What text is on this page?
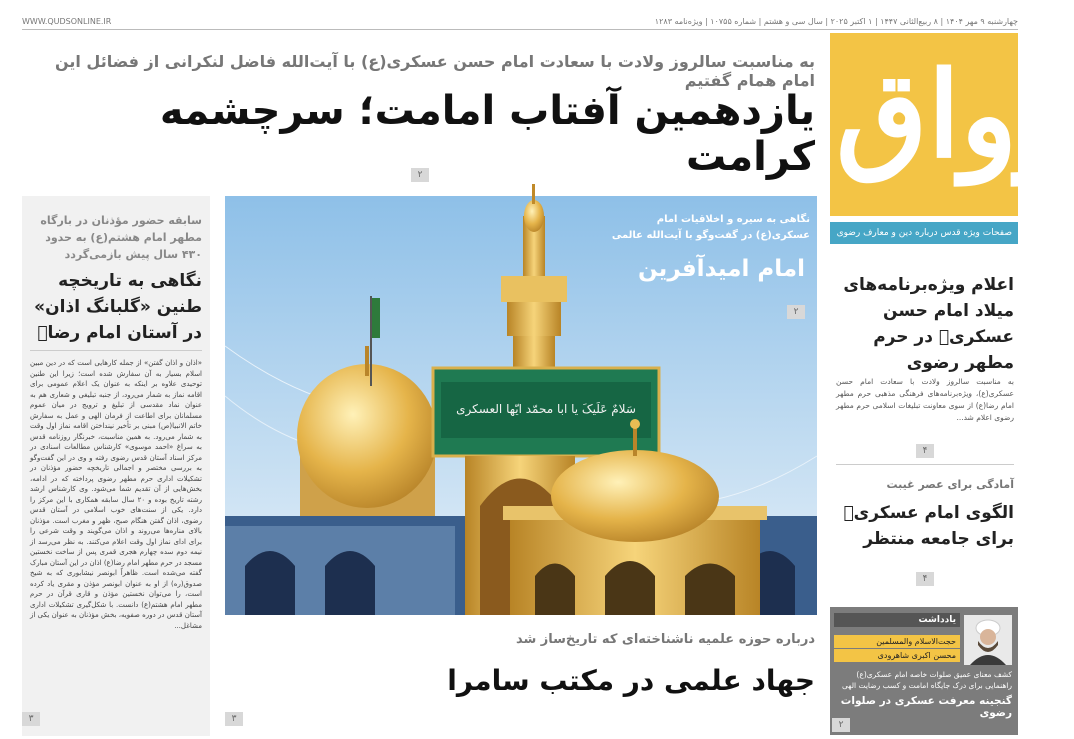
WWW.QUDSONLINE.IR	چهارشنبه ۹ مهر ۱۴۰۴ | ۸ ربیع‌الثانی ۱۴۴۷ | ۱ اکتبر ۲۰۲۵ | سال سی و هشتم | شماره ۱۰۷۵۵ | ویژه‌نامه ۱۲۸۳
به مناسبت سالروز ولادت با سعادت امام حسن عسکری(ع) با آیت‌الله فاضل لنکرانی از فضائل این امام همام گفتیم
یازدهمین آفتاب امامت؛ سرچشمه کرامت
۲	رواق
صفحات ویژه قدس درباره دین و معارف رضوی
سابقه حضور مؤذنان در بارگاه مطهر امام هشتم(ع) به حدود ۴۳۰ سال پیش بازمی‌گردد
نگاهی به تاریخچه طنین «گلبانگ اذان» در آستان امام رضاؑ
«اذان و اذان گفتن» از جمله کارهایی است که در دین مبین اسلام بسیار به آن سفارش شده است؛ زیرا این طنین توحیدی علاوه بر اینکه به عنوان یک اعلام عمومی برای اقامه نماز به شمار می‌رود، از جنبه تبلیغی و شعاری هم به عنوان نماد مقدسی از تبلیغ و ترویج در میان عموم مسلمانان برای اطاعت از فرمان الهی و عمل به سفارش خاتم الانبیا(ص) مبنی بر تأخیر نینداختن اقامه نماز اول وقت به شمار می‌رود. به همین مناسبت، خبرنگار روزنامه قدس به سراغ «احمد موسوی» کارشناس مطالعات اسنادی در مرکز اسناد آستان قدس رضوی رفته و وی در این گفت‌وگو به بررسی مختصر و اجمالی تاریخچه حضور مؤذنان در تشکیلات اداری حرم مطهر رضوی پرداخته که در ادامه، بخش‌هایی از آن تقدیم شما می‌شود. وی کارشناس ارشد رشته تاریخ بوده و ۲۰ سال سابقه همکاری با این مرکز را دارد. یکی از سنت‌های خوب اسلامی در آستان قدس رضوی، اذان گفتن هنگام صبح، ظهر و مغرب است. مؤذنان بالای مناره‌ها می‌روند و اذان می‌گویند و وقت شرعی را برای ادای نماز اول وقت اعلام می‌کنند. به نظر می‌رسد از نیمه دوم سده چهارم هجری قمری پس از ساخت نخستین مسجد در حرم مطهر امام رضا(ع) اذان در این آستان مبارک گفته می‌شده است. ظاهراً ابونصر نیشابوری که به شیخ صدوق(ره) از او به عنوان ابونصر مؤذن و مقری یاد کرده است، را می‌توان نخستین مؤذن و قاری قرآن در حرم مطهر امام هشتم(ع) دانست. با شکل‌گیری تشکیلات اداری آستان قدس در دوره صفویه، بخش مؤذنان به عنوان یکی از مشاغل...
۳
نگاهی به سیره و اخلاقیات امام عسکری(ع) در گفت‌وگو با آیت‌الله عالمی
امام امیدآفرین
۲
سَلامٌ عَلَیکَ یا ابا محمّد ایّها العسکری
درباره حوزه علمیه ناشناخته‌ای که تاریخ‌ساز شد
جهاد علمی در مکتب سامرا
۳
اعلام ویژه‌برنامه‌های میلاد امام حسن عسکریؑ در حرم مطهر رضوی
به مناسبت سالروز ولادت با سعادت امام حسن عسکری(ع)، ویژه‌برنامه‌های فرهنگی مذهبی حرم مطهر امام رضا(ع) از سوی معاونت تبلیغات اسلامی حرم مطهر رضوی اعلام شد...
۴
آمادگی برای عصر غیبت
الگوی امام عسکریؑ برای جامعه منتظر
۴
یادداشت
حجت‌الاسلام والمسلمین
محسن اکبری شاهرودی
کشف معنای عمیق صلوات خاصه امام عسکری(ع) راهنمایی برای درک جایگاه امامت و کسب رضایت الهی
گنجینه معرفت عسکری در صلوات رضوی
۲
